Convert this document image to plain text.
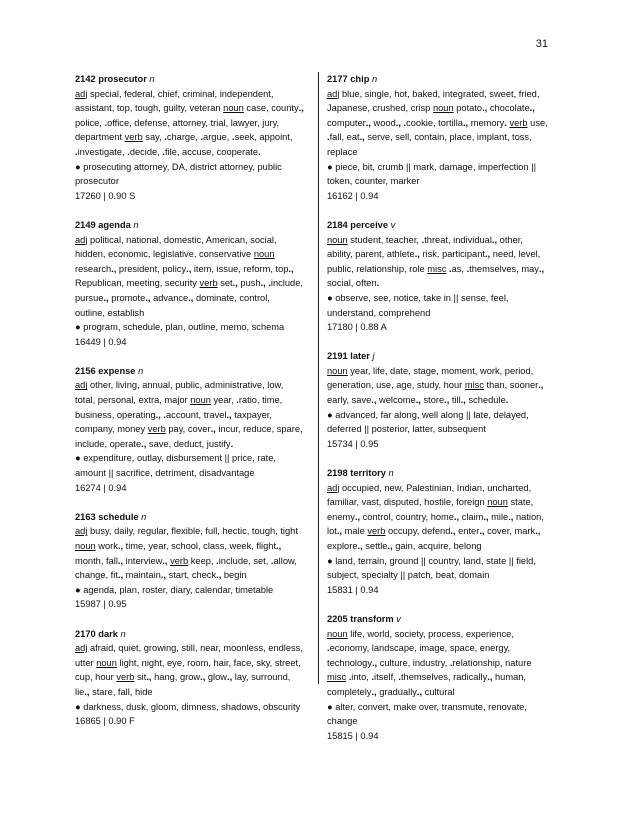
31
2142 prosecutor n
adj special, federal, chief, criminal, independent,
assistant, top, tough, guilty, veteran noun case, county.,
police, .office, defense, attorney, trial, lawyer, jury,
department verb say, .charge, .argue, .seek, appoint,
.investigate, .decide, .file, accuse, cooperate.
● prosecuting attorney, DA, district attorney, public
prosecutor
17260 | 0.90 S
2149 agenda n
adj political, national, domestic, American, social,
hidden, economic, legislative, conservative noun
research., president, policy., item, issue, reform, top.,
Republican, meeting, security verb set., push., .include,
pursue., promote., advance., dominate, control,
outline, establish
● program, schedule, plan, outline, memo, schema
16449 | 0.94
2156 expense n
adj other, living, annual, public, administrative, low,
total, personal, extra, major noun year, .ratio, time,
business, operating., .account, travel., taxpayer,
company, money verb pay, cover., incur, reduce, spare,
include, operate., save, deduct, justify.
● expenditure, outlay, disbursement || price, rate,
amount || sacrifice, detriment, disadvantage
16274 | 0.94
2163 schedule n
adj busy, daily, regular, flexible, full, hectic, tough, tight
noun work., time, year, school, class, week, flight.,
month, fall., interview., verb keep, .include, set, .allow,
change, fit., maintain., start, check., begin
● agenda, plan, roster, diary, calendar, timetable
15987 | 0.95
2170 dark n
adj afraid, quiet, growing, still, near, moonless, endless,
utter noun light, night, eye, room, hair, face, sky, street,
cup, hour verb sit., hang, grow., glow., lay, surround,
lie., stare, fall, hide
● darkness, dusk, gloom, dimness, shadows, obscurity
16865 | 0.90 F
2177 chip n
adj blue, single, hot, baked, integrated, sweet, fried,
Japanese, crushed, crisp noun potato., chocolate.,
computer., wood., .cookie, tortilla., memory. verb use,
.fall, eat., serve, sell, contain, place, implant, toss,
replace
● piece, bit, crumb || mark, damage, imperfection ||
token, counter, marker
16162 | 0.94
2184 perceive v
noun student, teacher, .threat, individual., other,
ability, parent, athlete., risk, participant., need, level,
public, relationship, role misc .as, .themselves, may.,
social, often.
● observe, see, notice, take in || sense, feel,
understand, comprehend
17180 | 0.88 A
2191 later j
noun year, life, date, stage, moment, work, period,
generation, use, age, study, hour misc than, sooner.,
early, save., welcome., store., till., schedule.
● advanced, far along, well along || late, delayed,
deferred || posterior, latter, subsequent
15734 | 0.95
2198 territory n
adj occupied, new, Palestinian, Indian, uncharted,
familiar, vast, disputed, hostile, foreign noun state,
enemy., control, country, home., claim., mile., nation,
lot., male verb occupy, defend., enter., cover, mark.,
explore., settle., gain, acquire, belong
● land, terrain, ground || country, land, state || field,
subject, specialty || patch, beat, domain
15831 | 0.94
2205 transform v
noun life, world, society, process, experience,
.economy, landscape, image, space, energy,
technology., culture, industry, .relationship, nature
misc .into, .itself, .themselves, radically., human,
completely., gradually., cultural
● alter, convert, make over, transmute, renovate,
change
15815 | 0.94
